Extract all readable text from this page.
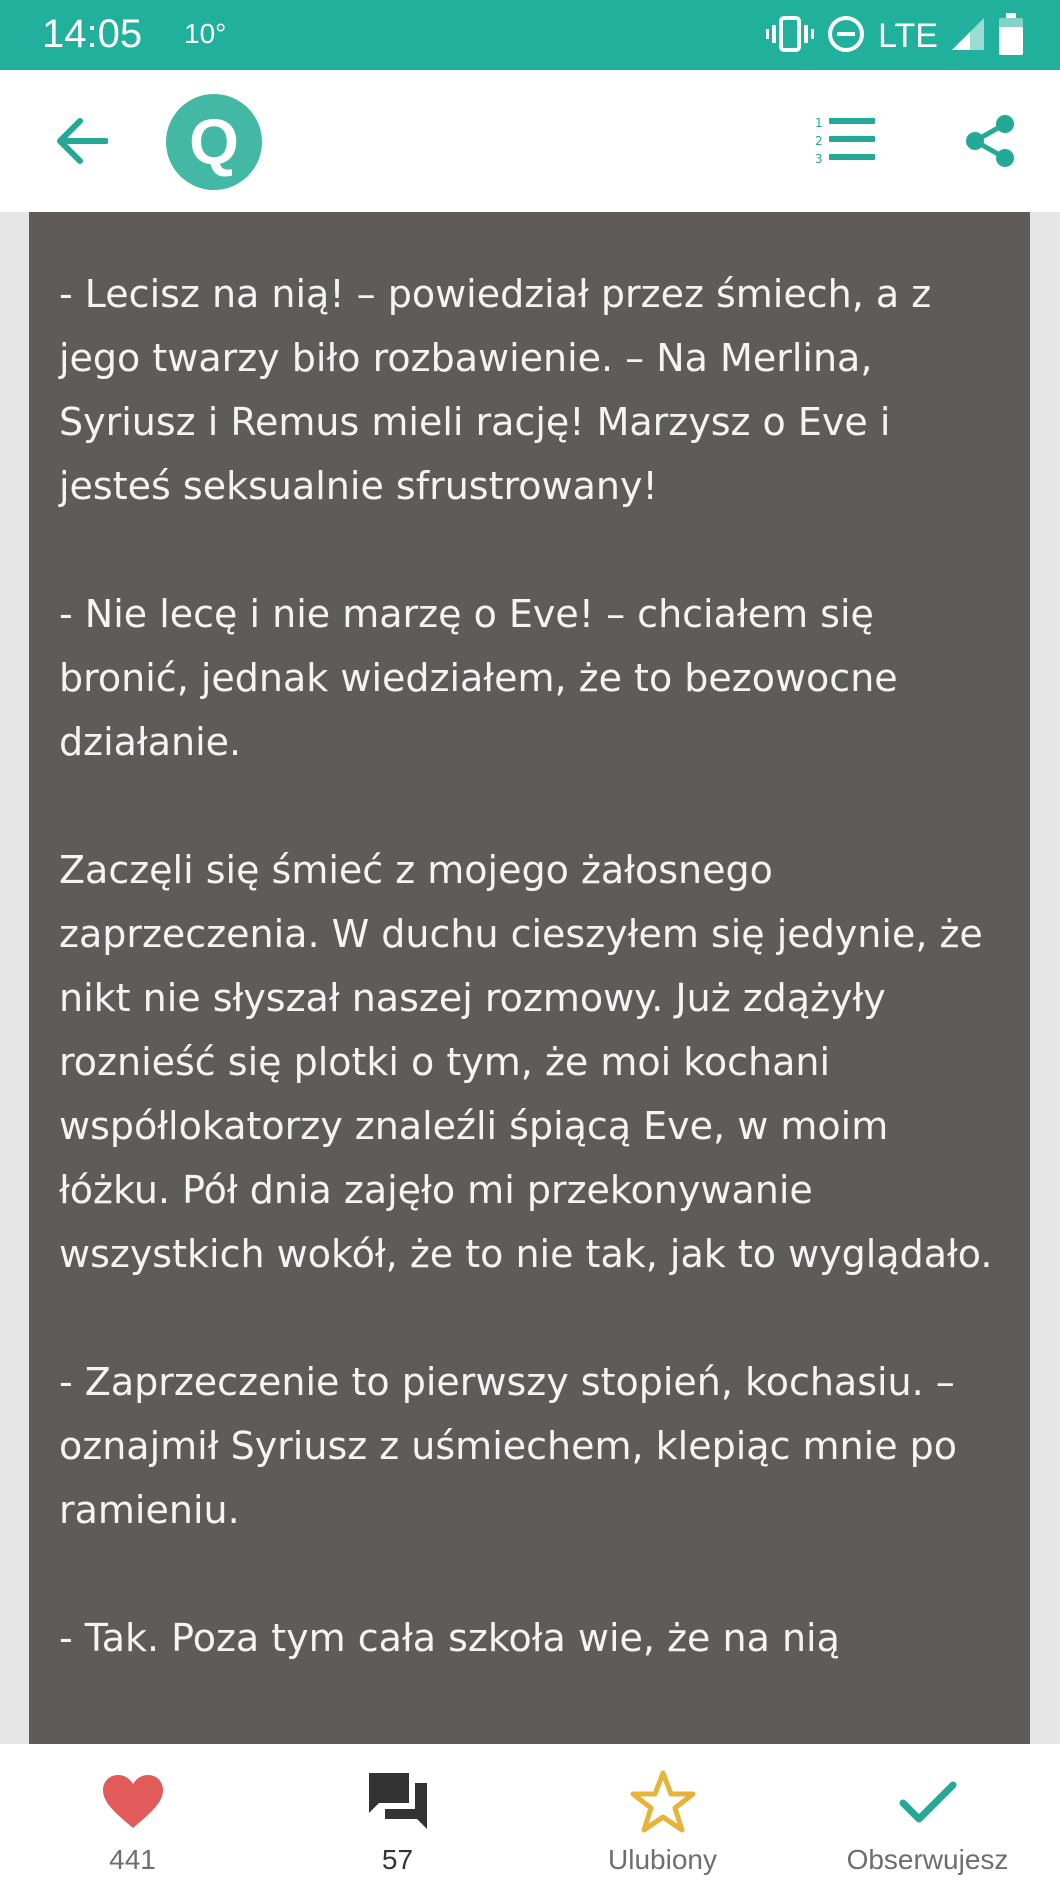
14:05 10°	LTE
Q	1
2
3

- Lecisz na nią! – powiedział przez śmiech, a z jego twarzy biło rozbawienie. – Na Merlina, Syriusz i Remus mieli rację! Marzysz o Eve i jesteś seksualnie sfrustrowany!

- Nie lecę i nie marzę o Eve! – chciałem się bronić, jednak wiedziałem, że to bezowocne działanie.

Zaczęli się śmieć z mojego żałosnego zaprzeczenia. W duchu cieszyłem się jedynie, że nikt nie słyszał naszej rozmowy. Już zdążyły roznieść się plotki o tym, że moi kochani współlokatorzy znaleźli śpiącą Eve, w moim łóżku. Pół dnia zajęło mi przekonywanie wszystkich wokół, że to nie tak, jak to wyglądało.

- Zaprzeczenie to pierwszy stopień, kochasiu. – oznajmił Syriusz z uśmiechem, klepiąc mnie po ramieniu.

- Tak. Poza tym cała szkoła wie, że na nią

441	57	Ulubiony	Obserwujesz
